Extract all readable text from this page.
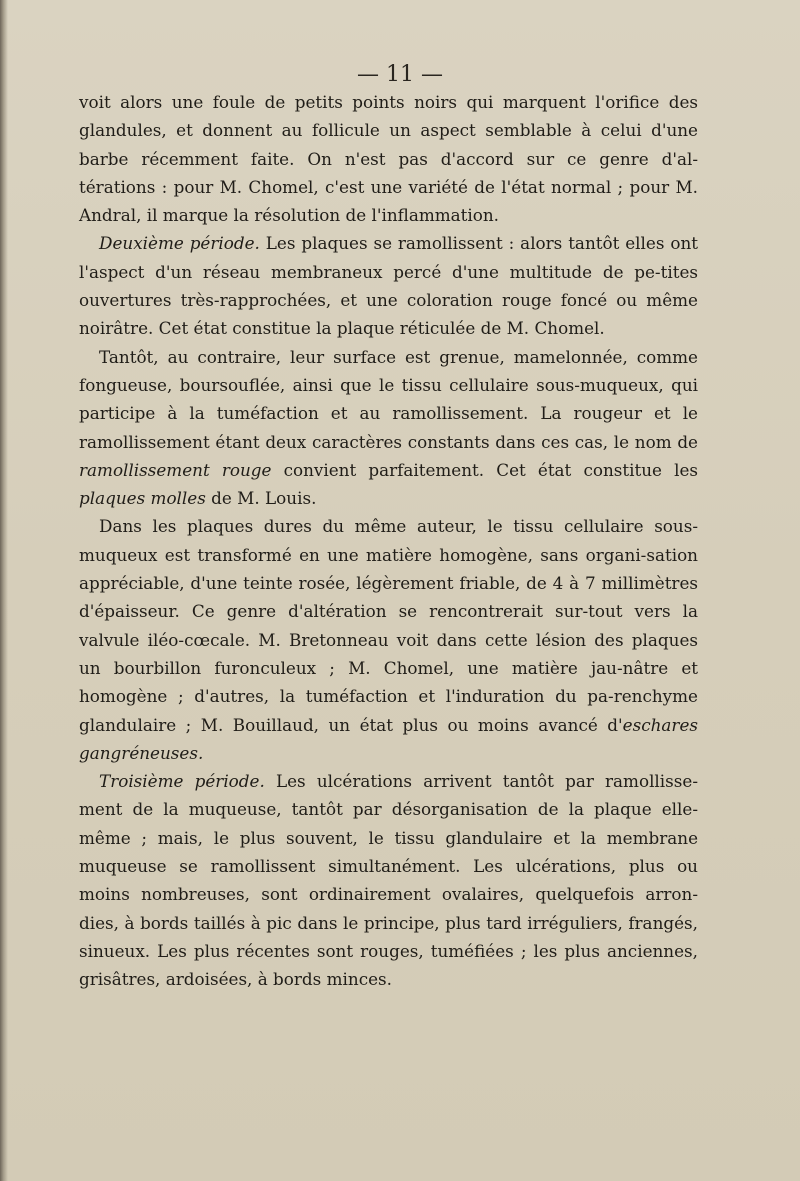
— 11 —

voit alors une foule de petits points noirs qui marquent l'orifice des glandules, et donnent au follicule un aspect semblable à celui d'une barbe récemment faite. On n'est pas d'accord sur ce genre d'al-térations : pour M. Chomel, c'est une variété de l'état normal ; pour M. Andral, il marque la résolution de l'inflammation.

Deuxième période. Les plaques se ramollissent : alors tantôt elles ont l'aspect d'un réseau membraneux percé d'une multitude de pe-tites ouvertures très-rapprochées, et une coloration rouge foncé ou même noirâtre. Cet état constitue la plaque réticulée de M. Chomel.

Tantôt, au contraire, leur surface est grenue, mamelonnée, comme fongueuse, boursouflée, ainsi que le tissu cellulaire sous-muqueux, qui participe à la tuméfaction et au ramollissement. La rougeur et le ramollissement étant deux caractères constants dans ces cas, le nom de ramollissement rouge convient parfaitement. Cet état constitue les plaques molles de M. Louis.

Dans les plaques dures du même auteur, le tissu cellulaire sous-muqueux est transformé en une matière homogène, sans organi-sation appréciable, d'une teinte rosée, légèrement friable, de 4 à 7 millimètres d'épaisseur. Ce genre d'altération se rencontrerait sur-tout vers la valvule iléo-cœcale. M. Bretonneau voit dans cette lésion des plaques un bourbillon furonculeux ; M. Chomel, une matière jau-nâtre et homogène ; d'autres, la tuméfaction et l'induration du pa-renchyme glandulaire ; M. Bouillaud, un état plus ou moins avancé d'eschares gangréneuses.

Troisième période. Les ulcérations arrivent tantôt par ramollisse-ment de la muqueuse, tantôt par désorganisation de la plaque elle-même ; mais, le plus souvent, le tissu glandulaire et la membrane muqueuse se ramollissent simultanément. Les ulcérations, plus ou moins nombreuses, sont ordinairement ovalaires, quelquefois arron-dies, à bords taillés à pic dans le principe, plus tard irréguliers, frangés, sinueux. Les plus récentes sont rouges, tuméfiées ; les plus anciennes, grisâtres, ardoisées, à bords minces.
